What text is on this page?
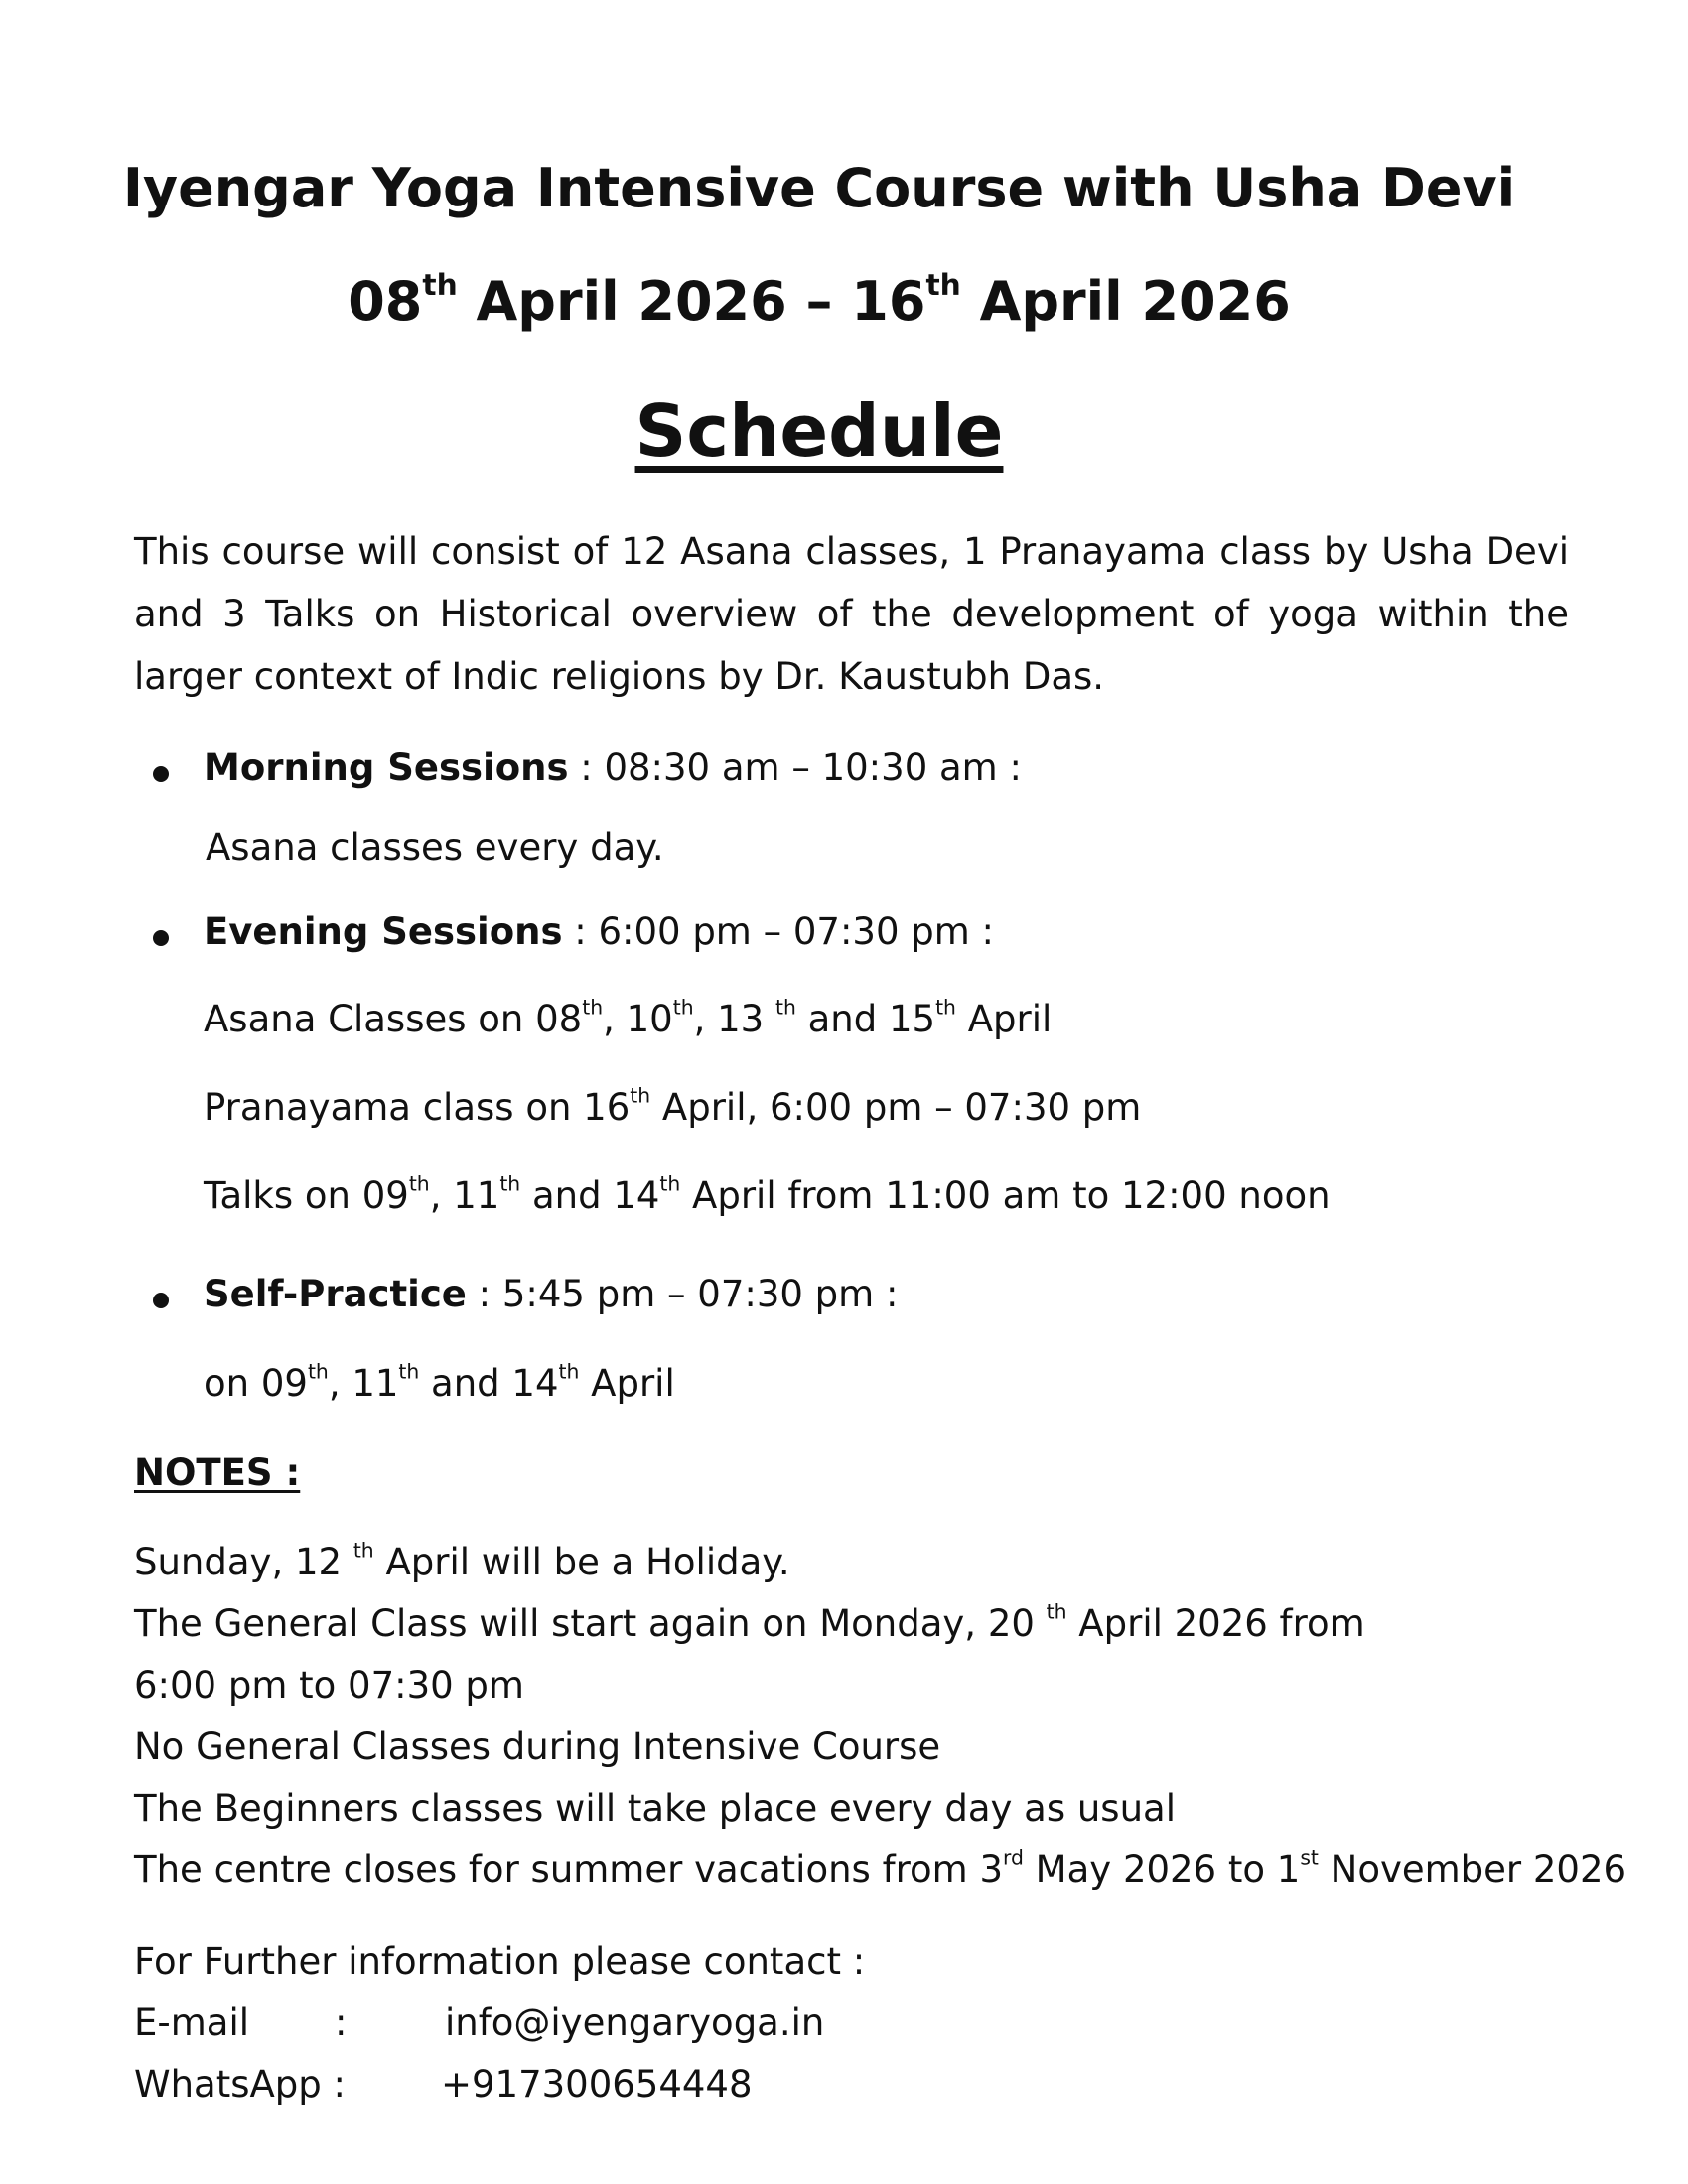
Iyengar Yoga Intensive Course with Usha Devi
08th April 2026 – 16th April 2026
Schedule
This course will consist of 12 Asana classes, 1 Pranayama class by Usha Devi and 3 Talks on Historical overview of the development of yoga within the larger context of Indic religions by Dr. Kaustubh Das.
Morning Sessions : 08:30 am – 10:30 am :
Asana classes every day.
Evening Sessions : 6:00 pm – 07:30 pm :
Asana Classes on 08th, 10th, 13 $^{th}$ and 15th April
Pranayama class on 16th April, 6:00 pm – 07:30 pm
Talks on 09th, 11th and 14th April from 11:00 am to 12:00 noon
Self-Practice : 5:45 pm – 07:30 pm :
on 09th, 11th and 14th April
NOTES :
Sunday, 12 $^{th}$ April will be a Holiday.
The General Class will start again on Monday, 20 $^{th}$ April 2026 from
6:00 pm to 07:30 pm
No General Classes during Intensive Course
The Beginners classes will take place every day as usual
The centre closes for summer vacations from 3rd May 2026 to 1st November 2026
For Further information please contact :
E-mail :	info@iyengaryoga.in
WhatsApp :	+917300654448
